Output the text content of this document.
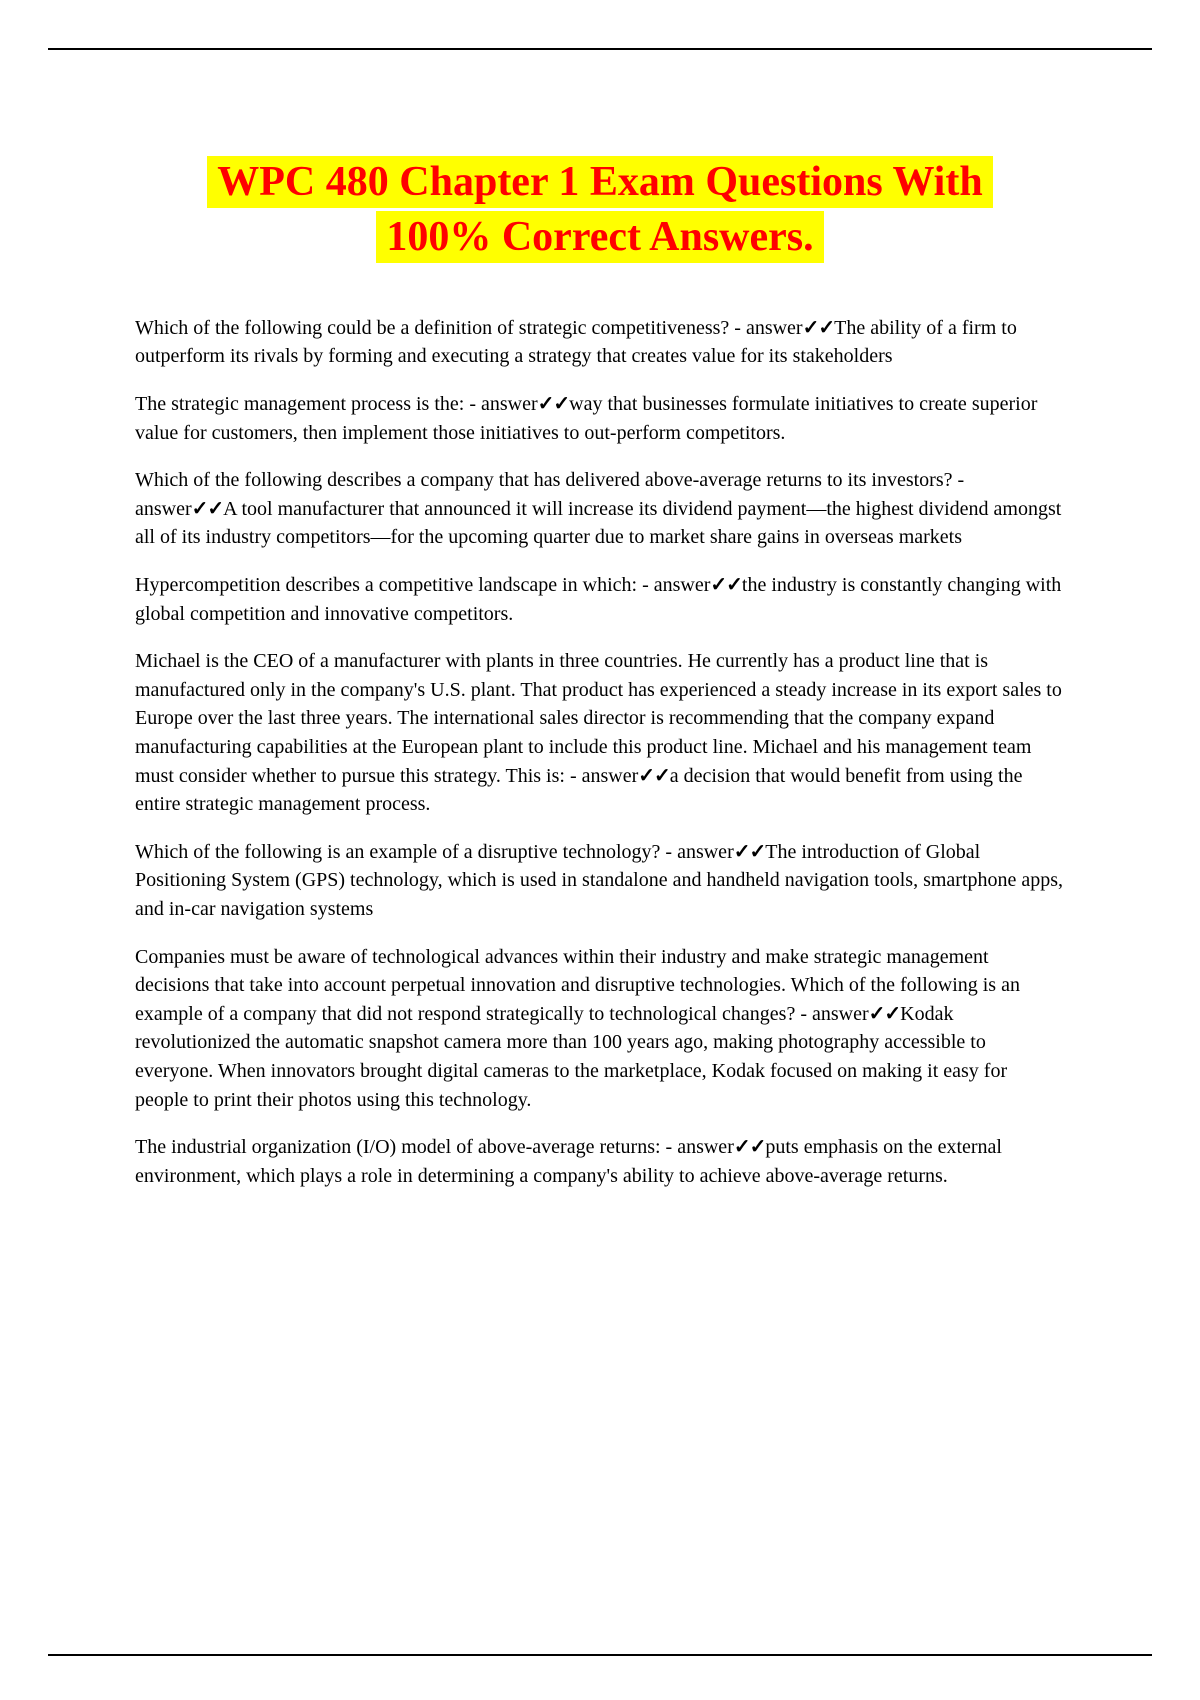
WPC 480 Chapter 1 Exam Questions With
100% Correct Answers.

Which of the following could be a definition of strategic competitiveness? - answer✓✓The ability of a firm to outperform its rivals by forming and executing a strategy that creates value for its stakeholders

The strategic management process is the: - answer✓✓way that businesses formulate initiatives to create superior value for customers, then implement those initiatives to out-perform competitors.

Which of the following describes a company that has delivered above-average returns to its investors? - answer✓✓A tool manufacturer that announced it will increase its dividend payment—the highest dividend amongst all of its industry competitors—for the upcoming quarter due to market share gains in overseas markets

Hypercompetition describes a competitive landscape in which: - answer✓✓the industry is constantly changing with global competition and innovative competitors.

Michael is the CEO of a manufacturer with plants in three countries. He currently has a product line that is manufactured only in the company's U.S. plant. That product has experienced a steady increase in its export sales to Europe over the last three years. The international sales director is recommending that the company expand manufacturing capabilities at the European plant to include this product line. Michael and his management team must consider whether to pursue this strategy. This is: - answer✓✓a decision that would benefit from using the entire strategic management process.

Which of the following is an example of a disruptive technology? - answer✓✓The introduction of Global Positioning System (GPS) technology, which is used in standalone and handheld navigation tools, smartphone apps, and in-car navigation systems

Companies must be aware of technological advances within their industry and make strategic management decisions that take into account perpetual innovation and disruptive technologies. Which of the following is an example of a company that did not respond strategically to technological changes? - answer✓✓Kodak revolutionized the automatic snapshot camera more than 100 years ago, making photography accessible to everyone. When innovators brought digital cameras to the marketplace, Kodak focused on making it easy for people to print their photos using this technology.

The industrial organization (I/O) model of above-average returns: - answer✓✓puts emphasis on the external environment, which plays a role in determining a company's ability to achieve above-average returns.
